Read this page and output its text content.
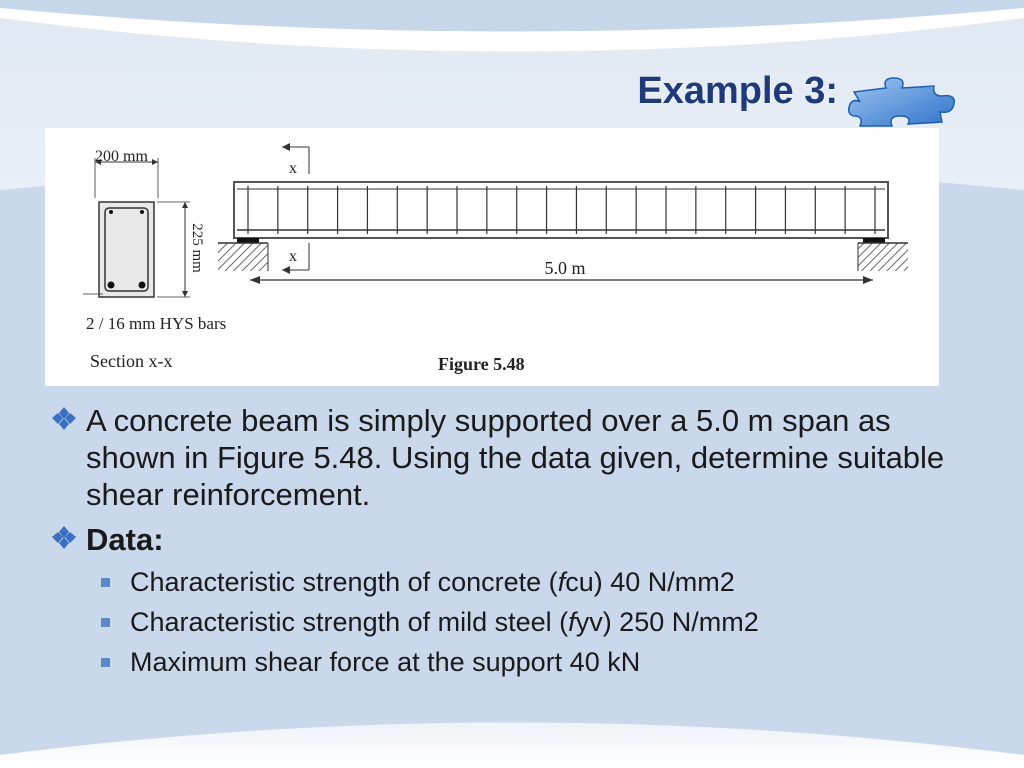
Example 3:
200 mm
225 mm
2 / 16 mm HYS bars
Section x-x
x
x
5.0 m
Figure 5.48
A concrete beam is simply supported over a 5.0 m span as shown in Figure 5.48. Using the data given, determine suitable shear reinforcement.
Data:
Characteristic strength of concrete (fcu) 40 N/mm2
Characteristic strength of mild steel (fyv) 250 N/mm2
Maximum shear force at the support 40 kN
